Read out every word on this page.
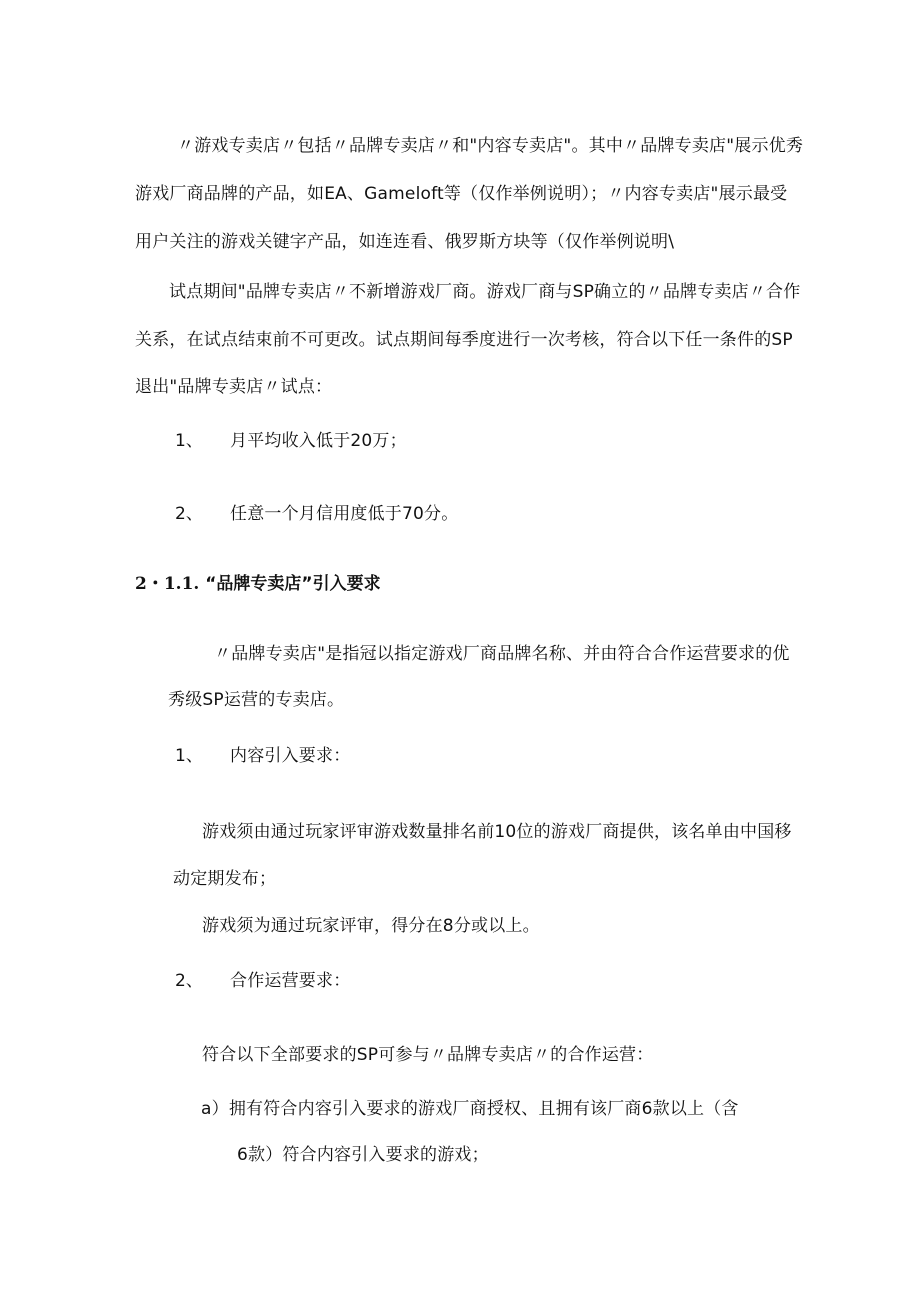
〃游戏专卖店〃包括〃品牌专卖店〃和"内容专卖店"。其中〃品牌专卖店"展示优秀
游戏厂商品牌的产品，如EA、Gameloft等（仅作举例说明）；〃内容专卖店"展示最受
用户关注的游戏关键字产品，如连连看、俄罗斯方块等（仅作举例说明\
试点期间"品牌专卖店〃不新增游戏厂商。游戏厂商与SP确立的〃品牌专卖店〃合作
关系，在试点结束前不可更改。试点期间每季度进行一次考核，符合以下任一条件的SP
退出"品牌专卖店〃试点：
1、 月平均收入低于20万；
2、 任意一个月信用度低于70分。
2・1.1. “品牌专卖店”引入要求
〃品牌专卖店"是指冠以指定游戏厂商品牌名称、并由符合合作运营要求的优
秀级SP运营的专卖店。
1、 内容引入要求：
游戏须由通过玩家评审游戏数量排名前10位的游戏厂商提供，该名单由中国移
动定期发布；
游戏须为通过玩家评审，得分在8分或以上。
2、 合作运营要求：
符合以下全部要求的SP可参与〃品牌专卖店〃的合作运营：
a）拥有符合内容引入要求的游戏厂商授权、且拥有该厂商6款以上（含
6款）符合内容引入要求的游戏；
